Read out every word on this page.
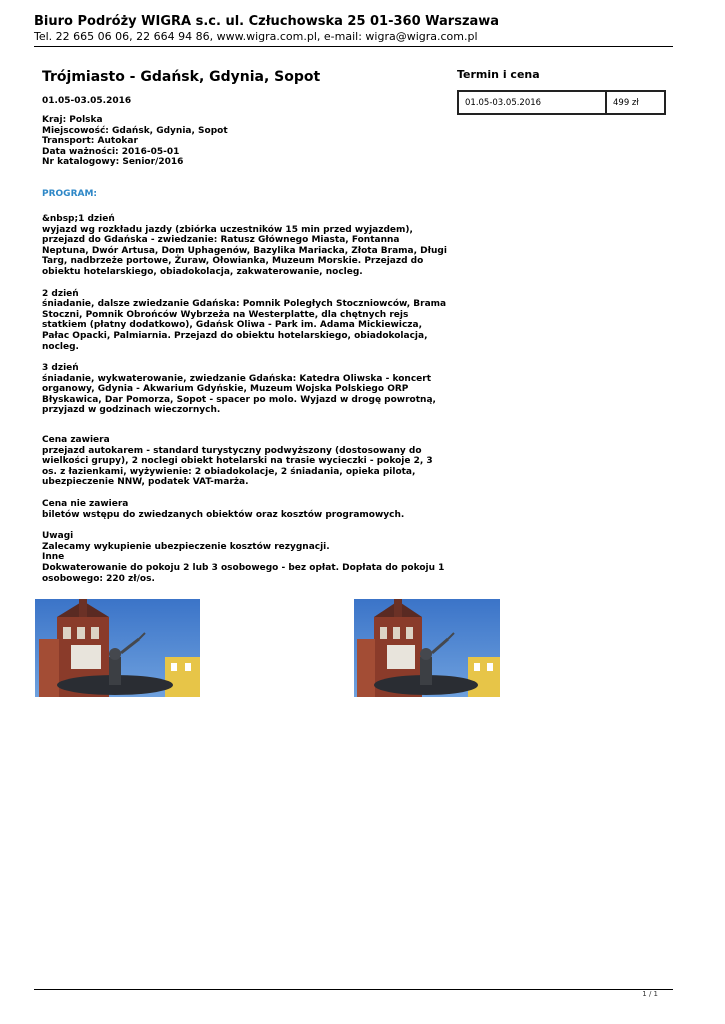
Biuro Podróży WIGRA s.c. ul. Człuchowska 25 01-360 Warszawa
Tel. 22 665 06 06, 22 664 94 86, www.wigra.com.pl, e-mail: wigra@wigra.com.pl
Trójmiasto - Gdańsk, Gdynia, Sopot
01.05-03.05.2016
Kraj: Polska
Miejscowość: Gdańsk, Gdynia, Sopot
Transport: Autokar
Data ważności: 2016-05-01
Nr katalogowy: Senior/2016
PROGRAM:
&nbsp;1 dzień
wyjazd wg rozkładu jazdy (zbiórka uczestników 15 min przed wyjazdem), przejazd do Gdańska - zwiedzanie: Ratusz Głównego Miasta, Fontanna Neptuna, Dwór Artusa, Dom Uphagenów, Bazylika Mariacka, Złota Brama, Długi Targ, nadbrzeże portowe, Żuraw, Ołowianka, Muzeum Morskie. Przejazd do obiektu hotelarskiego, obiadokolacja, zakwaterowanie, nocleg.
2 dzień
śniadanie, dalsze zwiedzanie Gdańska: Pomnik Poległych Stoczniowców, Brama Stoczni, Pomnik Obrońców Wybrzeża na Westerplatte, dla chętnych rejs statkiem (płatny dodatkowo), Gdańsk Oliwa - Park im. Adama Mickiewicza, Pałac Opacki, Palmiarnia. Przejazd do obiektu hotelarskiego, obiadokolacja, nocleg.
3 dzień
śniadanie, wykwaterowanie, zwiedzanie Gdańska: Katedra Oliwska - koncert organowy, Gdynia - Akwarium Gdyńskie, Muzeum Wojska Polskiego ORP Błyskawica, Dar Pomorza, Sopot - spacer po molo. Wyjazd w drogę powrotną, przyjazd w godzinach wieczornych.
Cena zawiera
przejazd autokarem - standard turystyczny podwyższony (dostosowany do wielkości grupy), 2 noclegi obiekt hotelarski na trasie wycieczki - pokoje 2, 3 os. z łazienkami, wyżywienie: 2 obiadokolacje, 2 śniadania, opieka pilota, ubezpieczenie NNW, podatek VAT-marża.
Cena nie zawiera
biletów wstępu do zwiedzanych obiektów oraz kosztów programowych.
Uwagi
Zalecamy wykupienie ubezpieczenie kosztów rezygnacji.
Inne
Dokwaterowanie do pokoju 2 lub 3 osobowego - bez opłat. Dopłata do pokoju 1 osobowego: 220 zł/os.
Termin i cena
01.05-03.05.2016	499 zł
1 / 1
